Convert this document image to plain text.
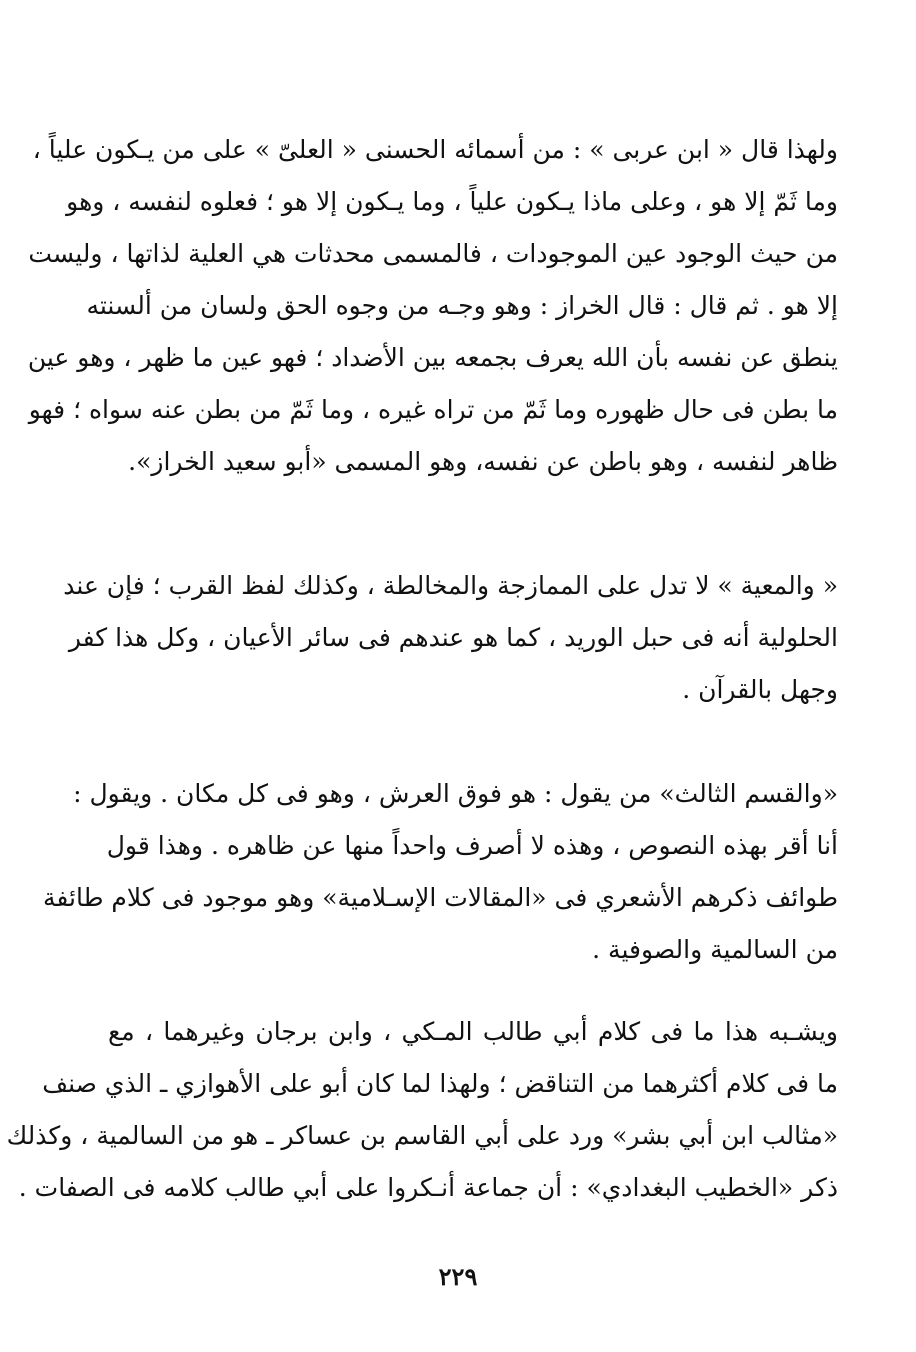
ولهذا قال « ابن عربى » : من أسمائه الحسنى « العلىّ » على من يـكون علياً ،
وما ثَمّ إلا هو ، وعلى ماذا يـكون علياً ، وما يـكون إلا هو ؛ فعلوه لنفسه ، وهو
من حيث الوجود عين الموجودات ، فالمسمى محدثات هي العلية لذاتها ، وليست
إلا هو . ثم قال : قال الخراز : وهو وجـه من وجوه الحق ولسان من ألسنته
ينطق عن نفسه بأن الله يعرف بجمعه بين الأضداد ؛ فهو عين ما ظهر ، وهو عين
ما بطن فى حال ظهوره وما ثَمّ من تراه غيره ، وما ثَمّ من بطن عنه سواه ؛ فهو
ظاهر لنفسه ، وهو باطن عن نفسه، وهو المسمى «أبو سعيد الخراز».
« والمعية » لا تدل على الممازجة والمخالطة ، وكذلك لفظ القرب ؛ فإن عند
الحلولية أنه فى حبل الوريد ، كما هو عندهم فى سائر الأعيان ، وكل هذا كفر
وجهل بالقرآن .
«والقسم الثالث» من يقول : هو فوق العرش ، وهو فى كل مكان . ويقول :
أنا أقر بهذه النصوص ، وهذه لا أصرف واحداً منها عن ظاهره . وهذا قول
طوائف ذكرهم الأشعري فى «المقالات الإسـلامية» وهو موجود فى كلام طائفة
من السالمية والصوفية .
ويشـبه هذا ما فى كلام أبي طالب المـكي ، وابن برجان وغيرهما ، مع
ما فى كلام أكثرهما من التناقض ؛ ولهذا لما كان أبو على الأهوازي ـ الذي صنف
«مثالب ابن أبي بشر» ورد على أبي القاسم بن عساكر ـ هو من السالمية ، وكذلك
ذكر «الخطيب البغدادي» : أن جماعة أنـكروا على أبي طالب كلامه فى الصفات .
٢٢٩
